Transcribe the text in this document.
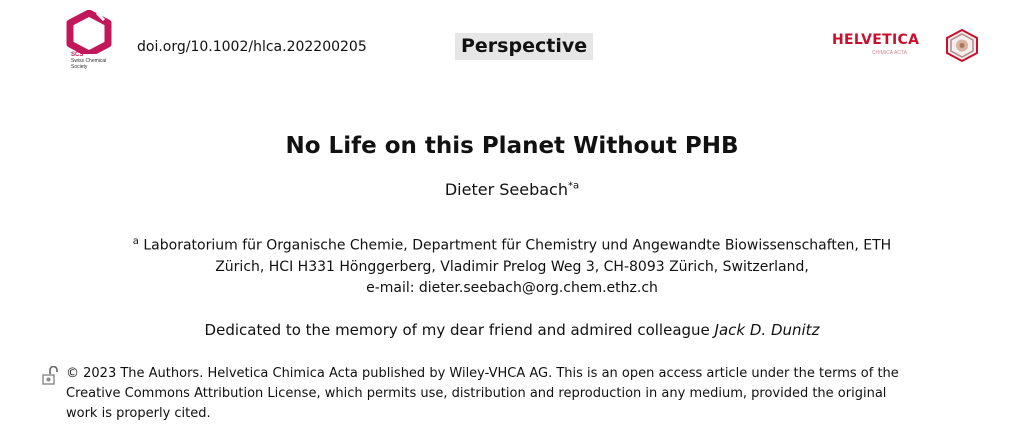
SCS
Swiss Chemical Society
doi.org/10.1002/hlca.202200205	Perspective	HELVETICA
CHIMICA ACTA
No Life on this Planet Without PHB
Dieter Seebach$^{*a}$
$^a$ Laboratorium für Organische Chemie, Department für Chemistry und Angewandte Biowissenschaften, ETH
Zürich, HCI H331 Hönggerberg, Vladimir Prelog Weg 3, CH-8093 Zürich, Switzerland,
e-mail: dieter.seebach@org.chem.ethz.ch
Dedicated to the memory of my dear friend and admired colleague Jack D. Dunitz
© 2023 The Authors. Helvetica Chimica Acta published by Wiley-VHCA AG. This is an open access article under the terms of the
Creative Commons Attribution License, which permits use, distribution and reproduction in any medium, provided the original
work is properly cited.
